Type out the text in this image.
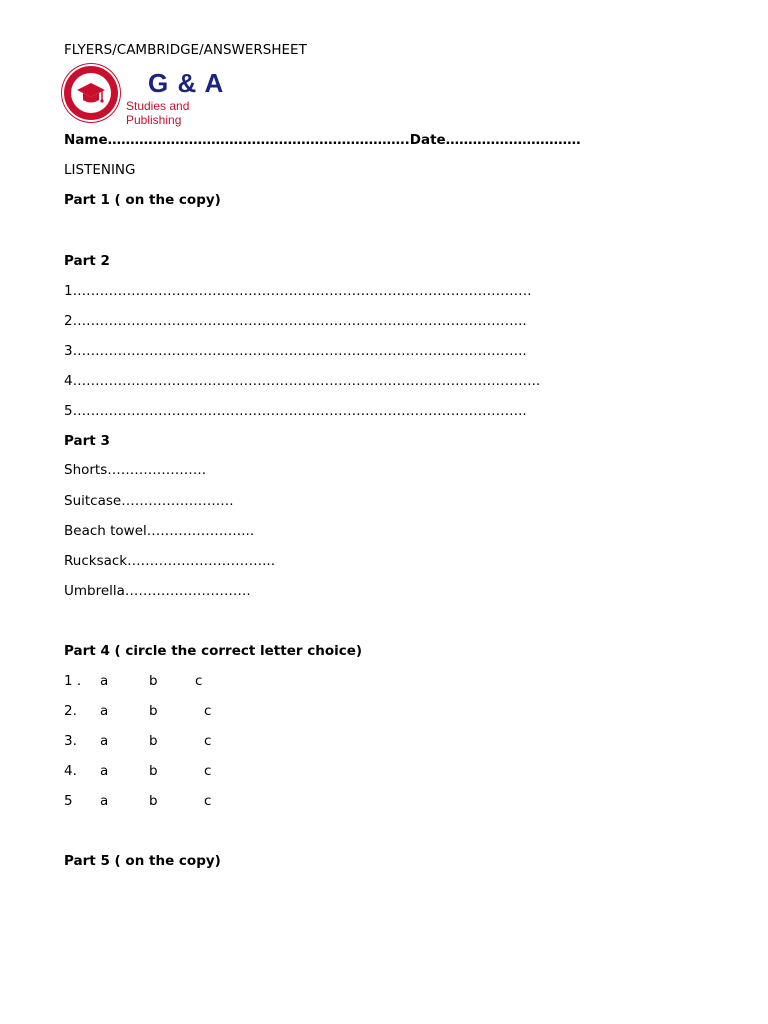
FLYERS/CAMBRIDGE/ANSWERSHEET
G & A
Studies and Publishing
Name………………………………………………………….Date…………………………
LISTENING
Part 1 ( on the copy)
Part 2
1…………………………………………………………………………………………
2………………………………………………………………………………………..
3………………………………………………………………………………………..
4…………………………………………………………………………………………..
5………………………………………………………………………………………..
Part 3
Shorts………………….
Suitcase…………………….
Beach towel…………………...
Rucksack…………………………...
Umbrella……………………….
Part 4 ( circle the correct letter choice)
1 . a	b	c
2. a	b	c
3. a	b	c
4. a	b	c
5 a	b	c
Part 5 ( on the copy)
